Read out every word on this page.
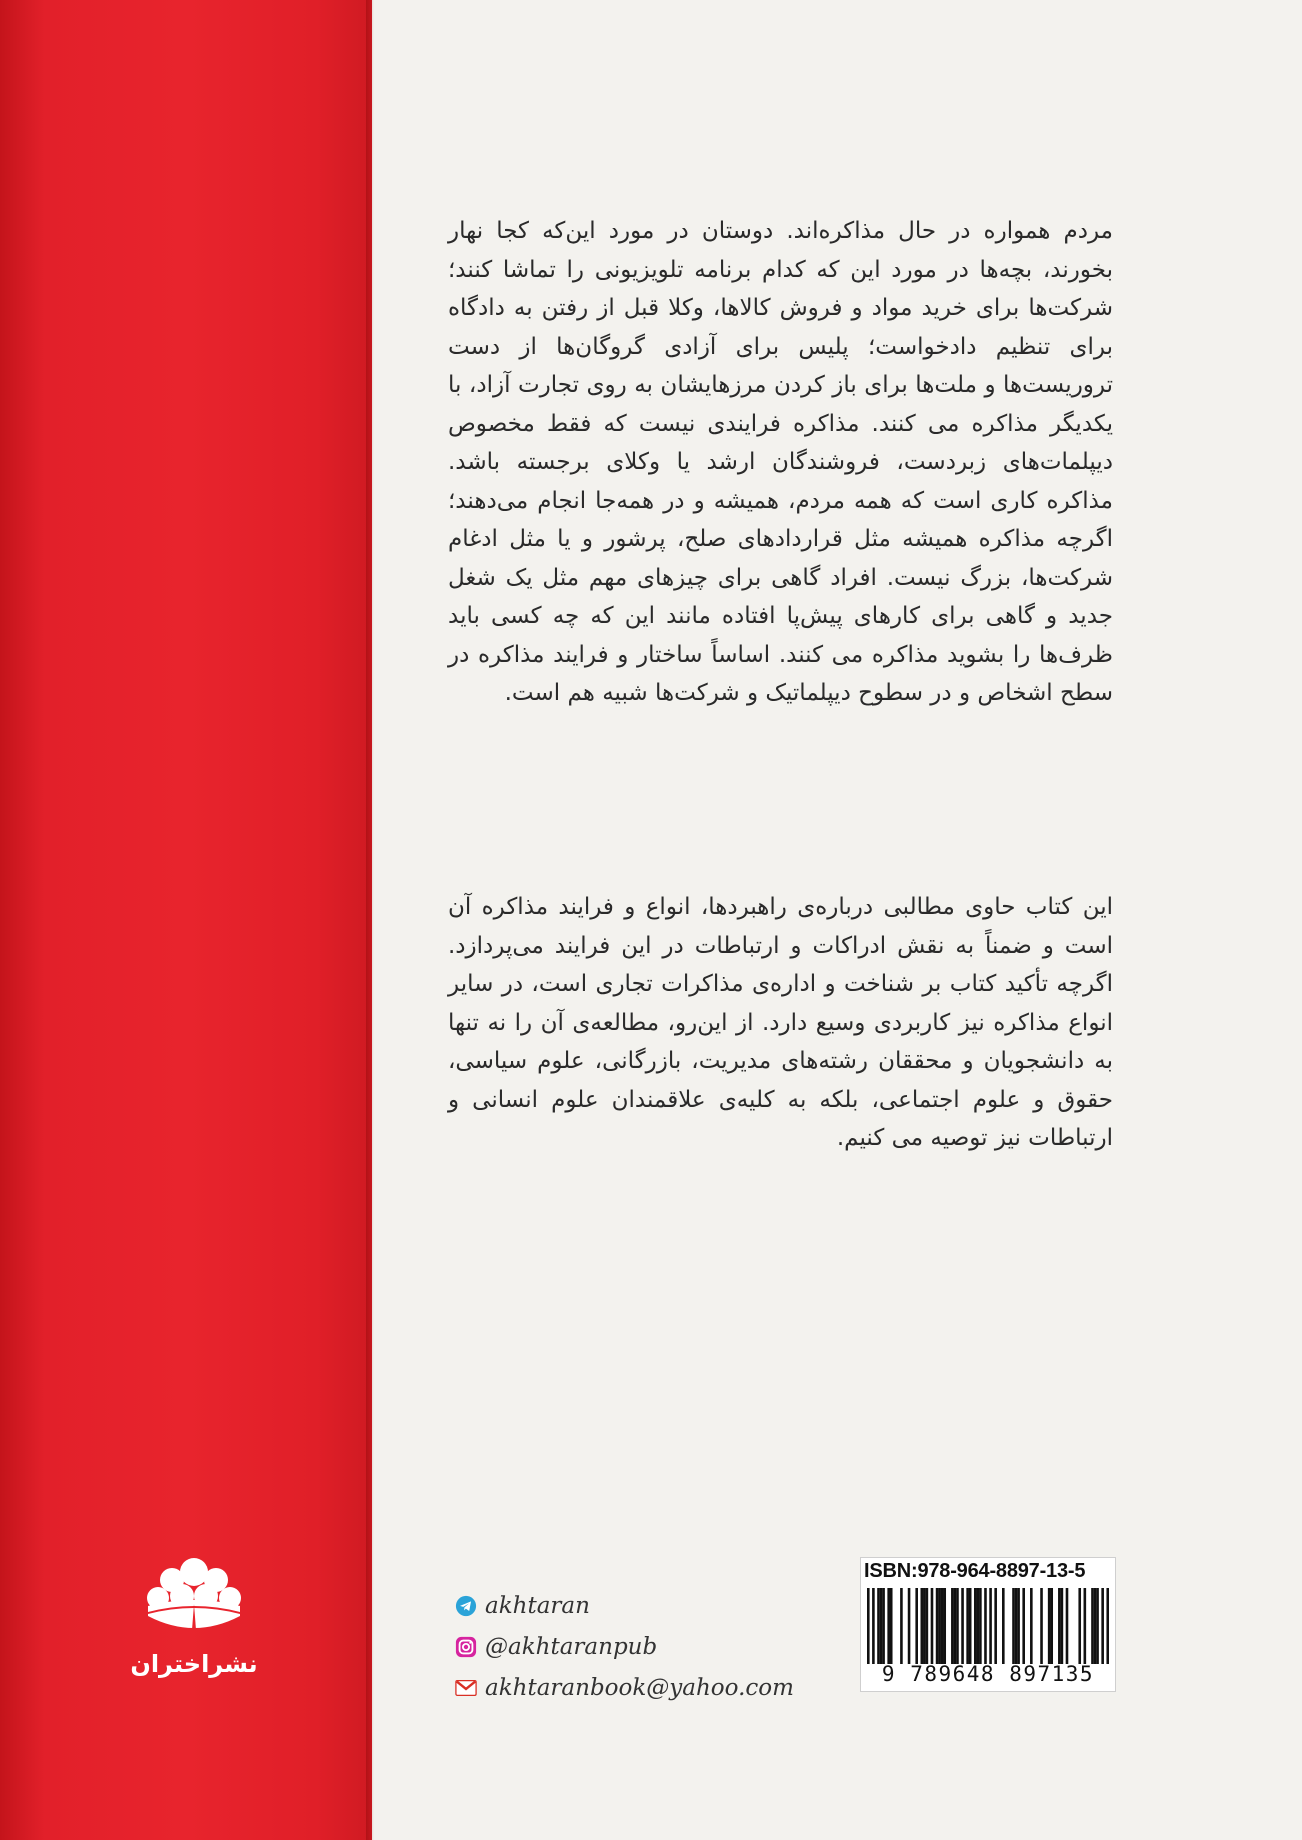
مردم همواره در حال مذاکره‌اند. دوستان در مورد این‌که کجا نهار بخورند، بچه‌ها در مورد این که کدام برنامه تلویزیونی را تماشا کنند؛ شرکت‌ها برای خرید مواد و فروش کالاها، وکلا قبل از رفتن به دادگاه برای تنظیم دادخواست؛ پلیس برای آزادی گروگان‌ها از دست تروریست‌ها و ملت‌ها برای باز کردن مرزهایشان به روی تجارت آزاد، با یکدیگر مذاکره می کنند. مذاکره فرایندی نیست که فقط مخصوص دیپلمات‌های زبردست، فروشندگان ارشد یا وکلای برجسته باشد. مذاکره کاری است که همه مردم، همیشه و در همه‌جا انجام می‌دهند؛ اگرچه مذاکره همیشه مثل قراردادهای صلح، پرشور و یا مثل ادغام شرکت‌ها، بزرگ نیست. افراد گاهی برای چیزهای مهم مثل یک شغل جدید و گاهی برای کارهای پیش‌پا افتاده مانند این که چه کسی باید ظرف‌ها را بشوید مذاکره می کنند. اساساً ساختار و فرایند مذاکره در سطح اشخاص و در سطوح دیپلماتیک و شرکت‌ها شبیه هم است.

این کتاب حاوی مطالبی درباره‌ی راهبردها، انواع و فرایند مذاکره آن است و ضمناً به نقش ادراکات و ارتباطات در این فرایند می‌پردازد. اگرچه تأکید کتاب بر شناخت و اداره‌ی مذاکرات تجاری است، در سایر انواع مذاکره نیز کاربردی وسیع دارد. از این‌رو، مطالعه‌ی آن را نه تنها به دانشجویان و محققان رشته‌های مدیریت، بازرگانی، علوم سیاسی، حقوق و علوم اجتماعی، بلکه به کلیه‌ی علاقمندان علوم انسانی و ارتباطات نیز توصیه می کنیم.

نشراختران
akhtaran
@akhtaranpub
akhtaranbook@yahoo.com
ISBN:978-964-8897-13-5
9 789648 897135
